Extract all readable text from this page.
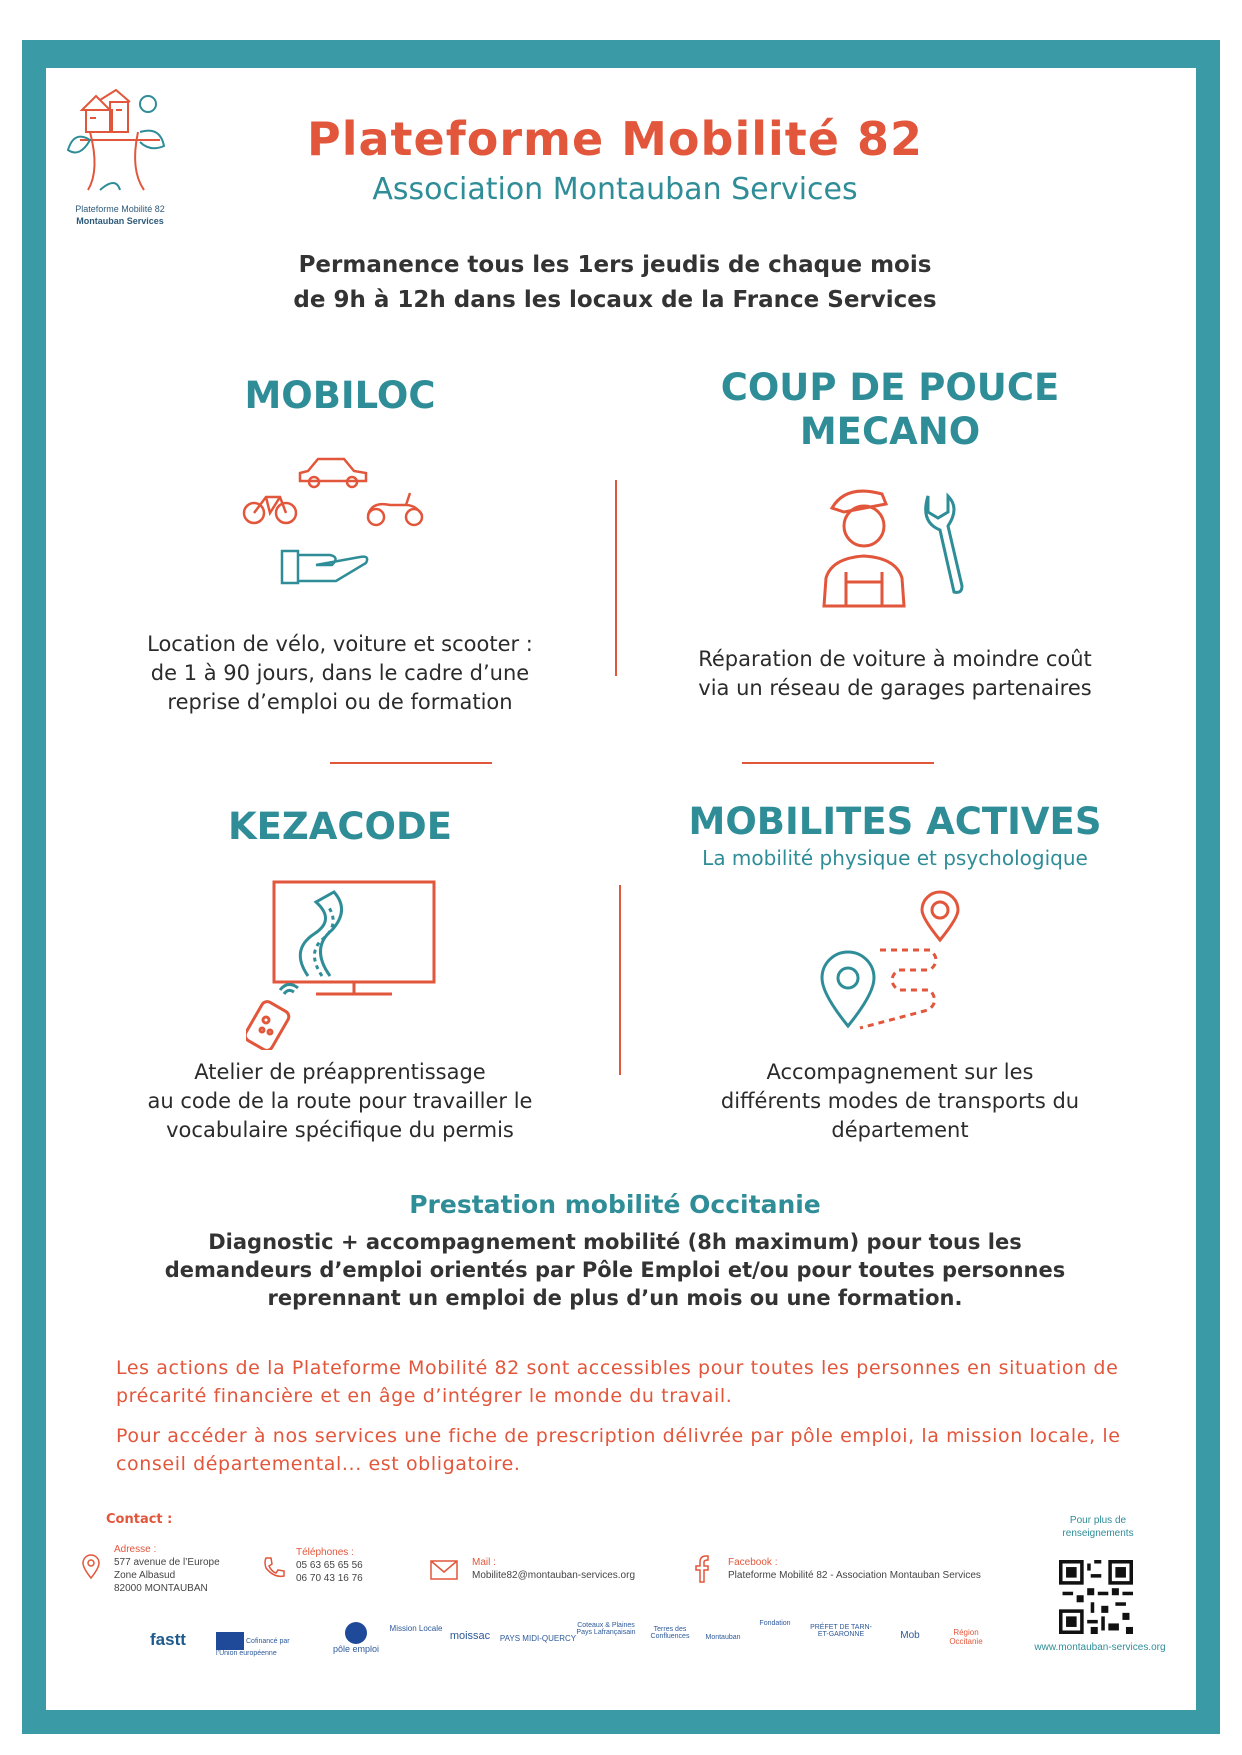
Plateforme Mobilité 82
Montauban Services
Plateforme Mobilité 82
Association Montauban Services
Permanence tous les 1ers jeudis de chaque mois
de 9h à 12h dans les locaux de la France Services
MOBILOC
Location de vélo, voiture et scooter :
de 1 à 90 jours, dans le cadre d’une
reprise d’emploi ou de formation
COUP DE POUCE
MECANO
Réparation de voiture à moindre coût
via un réseau de garages partenaires
KEZACODE
Atelier de préapprentissage
au code de la route pour travailler le
vocabulaire spécifique du permis
MOBILITES ACTIVES
La mobilité physique et psychologique
Accompagnement sur les
différents modes de transports du
département
Prestation mobilité Occitanie
Diagnostic + accompagnement mobilité (8h maximum) pour tous les
demandeurs d’emploi orientés par Pôle Emploi et/ou pour toutes personnes
reprennant un emploi de plus d’un mois ou une formation.
Les actions de la Plateforme Mobilité 82 sont accessibles pour toutes les personnes en situation de précarité financière et en âge d’intégrer le monde du travail.
Pour accéder à nos services une fiche de prescription délivrée par pôle emploi, la mission locale, le conseil départemental... est obligatoire.
Contact :
Adresse :
577 avenue de l’Europe
Zone Albasud
82000 MONTAUBAN
Téléphones :
05 63 65 65 56
06 70 43 16 76
Mail :
Mobilite82@montauban-services.org
Facebook :
Plateforme Mobilité 82 - Association Montauban Services
Pour plus de renseignements
www.montauban-services.org
fastt	Cofinancé par l’Union européenne	pôle emploi
Mission Locale
moissac	PAYS MIDI-QUERCY
Coteaux & Plaines Pays Lafrançaisain	Terres des Confluences	Montauban
Fondation
PRÉFET DE TARN-ET-GARONNE	Mob	Région Occitanie
